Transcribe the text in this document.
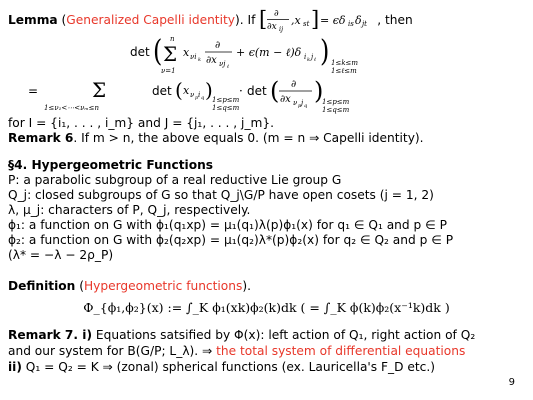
Lemma (Generalized Capelli identity). If [ ∂
∂x ij
,x st ] = ϵδ is δ jt , then
det ( n
Σ
ν=1
x νi k
∂
∂x νj ℓ
+ ϵ(m − ℓ)δ i k j ℓ ) 1≤k≤m
1≤ℓ≤m
=	Σ
1≤ν₁<⋯<νₘ≤n
det ( x ν p i q ) 1≤p≤m
1≤q≤m
· det ( ∂
∂x ν p j q
)
1≤p≤m
1≤q≤m
for I = {i₁, . . . , i_m} and J = {j₁, . . . , j_m}.
Remark 6. If m > n, the above equals 0. (m = n ⇒ Capelli identity).
§4. Hypergeometric Functions
P: a parabolic subgroup of a real reductive Lie group G
Q_j: closed subgroups of G so that Q_j\G/P have open cosets (j = 1, 2)
λ, μ_j: characters of P, Q_j, respectively.
ϕ₁: a function on G with ϕ₁(q₁xp) = μ₁(q₁)λ(p)ϕ₁(x) for q₁ ∈ Q₁ and p ∈ P
ϕ₂: a function on G with ϕ₂(q₂xp) = μ₁(q₂)λ*(p)ϕ₂(x) for q₂ ∈ Q₂ and p ∈ P
(λ* = −λ − 2ρ_P)
Definition (Hypergeometric functions).
Φ_{ϕ₁,ϕ₂}(x) := ∫_K ϕ₁(xk)ϕ₂(k)dk ( = ∫_K ϕ(k)ϕ₂(x⁻¹k)dk )
Remark 7. i) Equations satsified by Φ(x): left action of Q₁, right action of Q₂
and our system for B(G/P; L_λ). ⇒ the total system of differential equations
ii) Q₁ = Q₂ = K ⇒ (zonal) spherical functions (ex. Lauricella's F_D etc.)
9
